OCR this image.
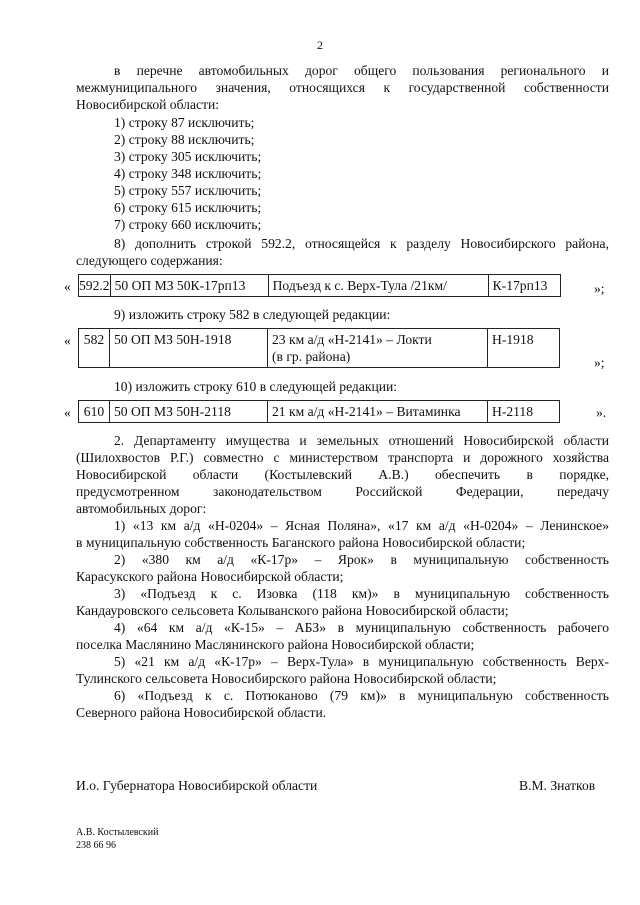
2
в перечне автомобильных дорог общего пользования регионального и
межмуниципального значения, относящихся к государственной собственности
Новосибирской области:
1) строку 87 исключить;
2) строку 88 исключить;
3) строку 305 исключить;
4) строку 348 исключить;
5) строку 557 исключить;
6) строку 615 исключить;
7) строку 660 исключить;
8) дополнить строкой 592.2, относящейся к разделу Новосибирского района,
следующего содержания:
« 592.2	50 ОП МЗ 50К-17рп13	Подъезд к с. Верх-Тула /21км/	К-17рп13	»;
9) изложить строку 582 в следующей редакции:
« 582	50 ОП МЗ 50Н-1918	23 км а/д «Н-2141» – Локти
(в гр. района)
	Н-1918
»;
10) изложить строку 610 в следующей редакции:
« 610	50 ОП МЗ 50Н-2118	21 км а/д «Н-2141» – Витаминка	Н-2118	».
2. Департаменту имущества и земельных отношений Новосибирской области
(Шилохвостов Р.Г.) совместно с министерством транспорта и дорожного хозяйства
Новосибирской области (Костылевский А.В.) обеспечить в порядке,
предусмотренном законодательством Российской Федерации, передачу
автомобильных дорог:
1) «13 км а/д «Н-0204» – Ясная Поляна», «17 км а/д «Н-0204» – Ленинское»
в муниципальную собственность Баганского района Новосибирской области;
2) «380 км а/д «К-17р» – Ярок» в муниципальную собственность
Карасукского района Новосибирской области;
3) «Подъезд к с. Изовка (118 км)» в муниципальную собственность
Кандауровского сельсовета Колыванского района Новосибирской области;
4) «64 км а/д «К-15» – АБЗ» в муниципальную собственность рабочего
поселка Маслянино Маслянинского района Новосибирской области;
5) «21 км а/д «К-17р» – Верх-Тула» в муниципальную собственность Верх-
Тулинского сельсовета Новосибирского района Новосибирской области;
6) «Подъезд к с. Потюканово (79 км)» в муниципальную собственность
Северного района Новосибирской области.
И.о. Губернатора Новосибирской области	В.М. Знатков
А.В. Костылевский
238 66 96
